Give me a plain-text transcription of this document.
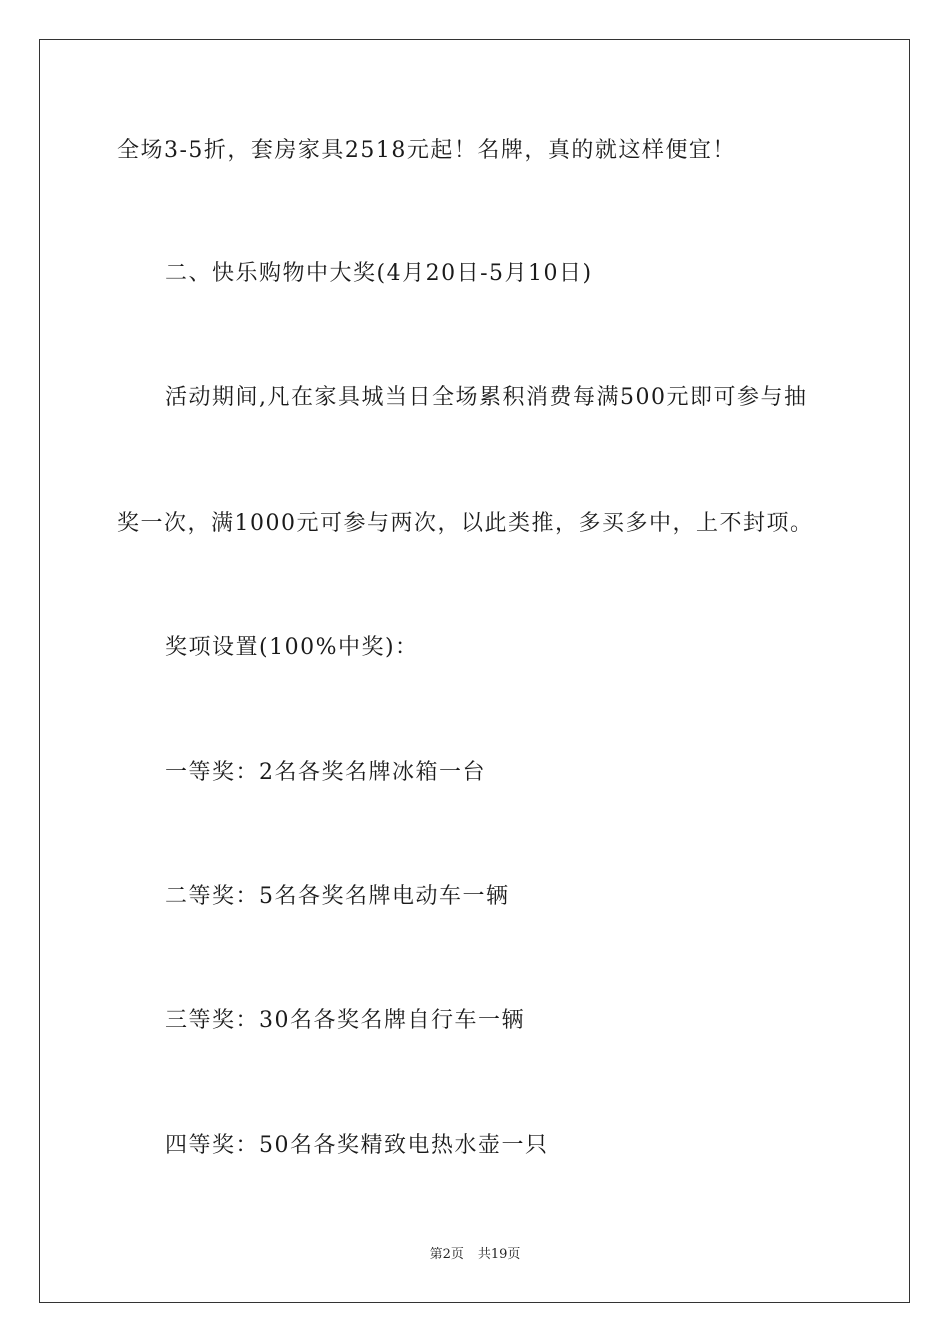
全场3-5折，套房家具2518元起！名牌，真的就这样便宜！
二、快乐购物中大奖(4月20日-5月10日)
活动期间,凡在家具城当日全场累积消费每满500元即可参与抽
奖一次，满1000元可参与两次，以此类推，多买多中，上不封项。
奖项设置(100%中奖)：
一等奖：2名各奖名牌冰箱一台
二等奖：5名各奖名牌电动车一辆
三等奖：30名各奖名牌自行车一辆
四等奖：50名各奖精致电热水壶一只
第2页 共19页
